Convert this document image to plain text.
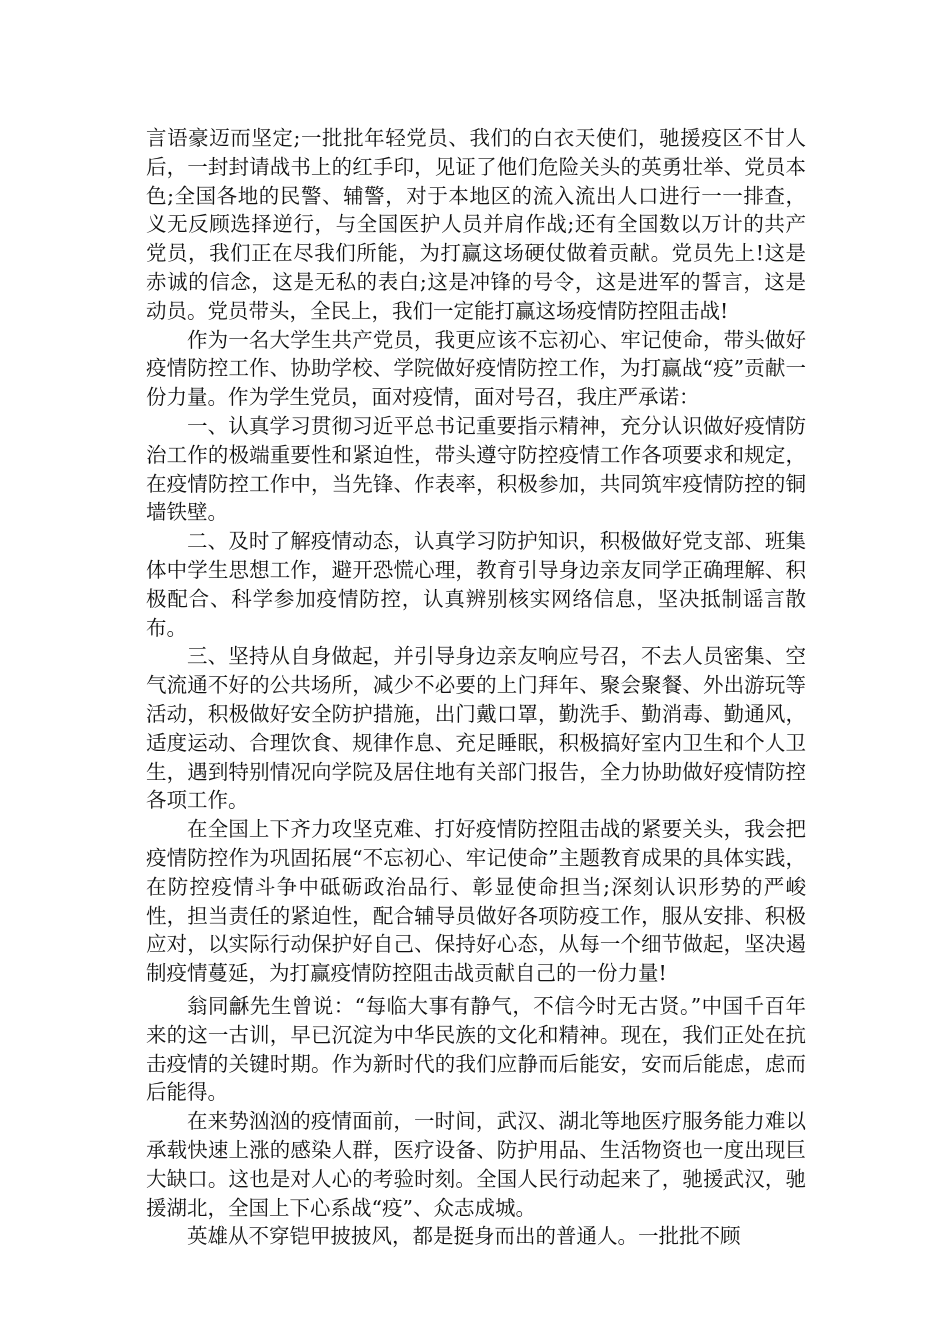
言语豪迈而坚定;一批批年轻党员、我们的白衣天使们，驰援疫区不甘人后，一封封请战书上的红手印，见证了他们危险关头的英勇壮举、党员本色;全国各地的民警、辅警，对于本地区的流入流出人口进行一一排查，义无反顾选择逆行，与全国医护人员并肩作战;还有全国数以万计的共产党员，我们正在尽我们所能，为打赢这场硬仗做着贡献。党员先上!这是赤诚的信念，这是无私的表白;这是冲锋的号令，这是进军的誓言，这是动员。党员带头，全民上，我们一定能打赢这场疫情防控阻击战!

作为一名大学生共产党员，我更应该不忘初心、牢记使命，带头做好疫情防控工作、协助学校、学院做好疫情防控工作，为打赢战“疫”贡献一份力量。作为学生党员，面对疫情，面对号召，我庄严承诺：

一、认真学习贯彻习近平总书记重要指示精神，充分认识做好疫情防治工作的极端重要性和紧迫性，带头遵守防控疫情工作各项要求和规定，在疫情防控工作中，当先锋、作表率，积极参加，共同筑牢疫情防控的铜墙铁壁。

二、及时了解疫情动态，认真学习防护知识，积极做好党支部、班集体中学生思想工作，避开恐慌心理，教育引导身边亲友同学正确理解、积极配合、科学参加疫情防控，认真辨别核实网络信息，坚决抵制谣言散布。

三、坚持从自身做起，并引导身边亲友响应号召，不去人员密集、空气流通不好的公共场所，减少不必要的上门拜年、聚会聚餐、外出游玩等活动，积极做好安全防护措施，出门戴口罩，勤洗手、勤消毒、勤通风，适度运动、合理饮食、规律作息、充足睡眠，积极搞好室内卫生和个人卫生，遇到特别情况向学院及居住地有关部门报告，全力协助做好疫情防控各项工作。

在全国上下齐力攻坚克难、打好疫情防控阻击战的紧要关头，我会把疫情防控作为巩固拓展“不忘初心、牢记使命”主题教育成果的具体实践，在防控疫情斗争中砥砺政治品行、彰显使命担当;深刻认识形势的严峻性，担当责任的紧迫性，配合辅导员做好各项防疫工作，服从安排、积极应对，以实际行动保护好自己、保持好心态，从每一个细节做起，坚决遏制疫情蔓延，为打赢疫情防控阻击战贡献自己的一份力量!

翁同龢先生曾说：“每临大事有静气，不信今时无古贤。”中国千百年来的这一古训，早已沉淀为中华民族的文化和精神。现在，我们正处在抗击疫情的关键时期。作为新时代的我们应静而后能安，安而后能虑，虑而后能得。

在来势汹汹的疫情面前，一时间，武汉、湖北等地医疗服务能力难以承载快速上涨的感染人群，医疗设备、防护用品、生活物资也一度出现巨大缺口。这也是对人心的考验时刻。全国人民行动起来了，驰援武汉，驰援湖北，全国上下心系战“疫”、众志成城。

英雄从不穿铠甲披披风，都是挺身而出的普通人。一批批不顾
